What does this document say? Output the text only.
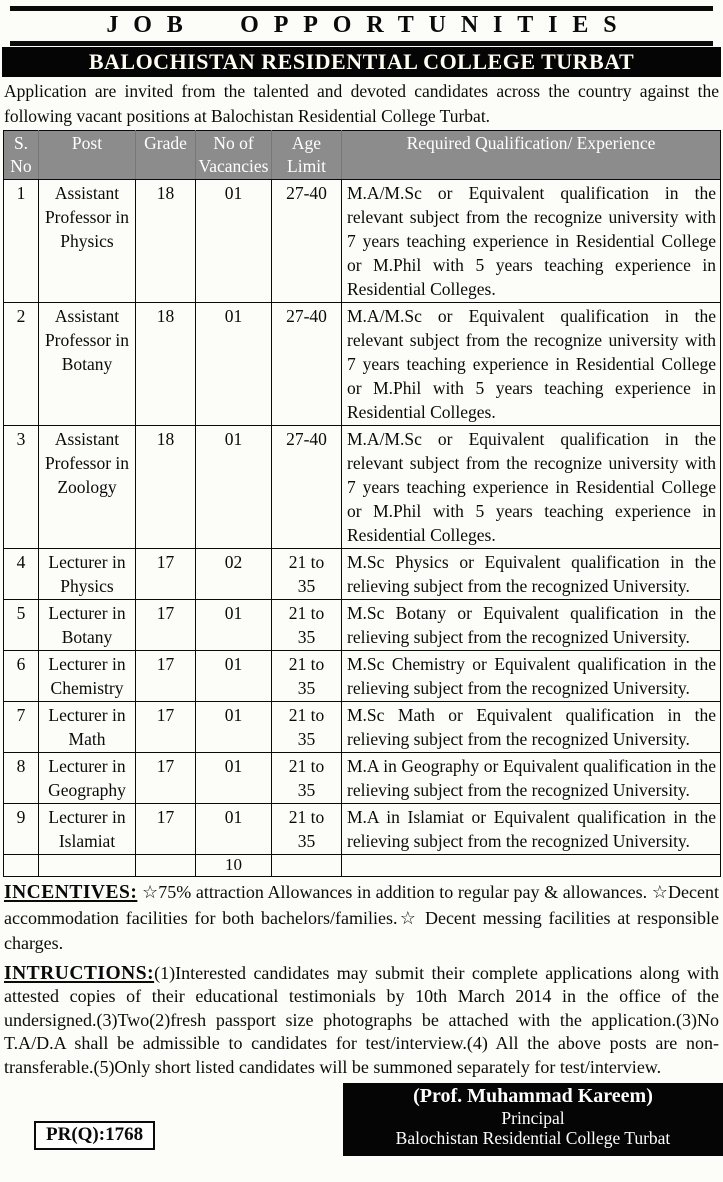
JOB OPPORTUNITIES
BALOCHISTAN RESIDENTIAL COLLEGE TURBAT

Application are invited from the talented and devoted candidates across the country against the following vacant positions at Balochistan Residential College Turbat.

S. No	Post	Grade	No of Vacancies	Age Limit	Required Qualification/ Experience
1	Assistant Professor in Physics	18	01	27-40	M.A/M.Sc or Equivalent qualification in the relevant subject from the recognize university with 7 years teaching experience in Residential College or M.Phil with 5 years teaching experience in Residential Colleges.
2	Assistant Professor in Botany	18	01	27-40	M.A/M.Sc or Equivalent qualification in the relevant subject from the recognize university with 7 years teaching experience in Residential College or M.Phil with 5 years teaching experience in Residential Colleges.
3	Assistant Professor in Zoology	18	01	27-40	M.A/M.Sc or Equivalent qualification in the relevant subject from the recognize university with 7 years teaching experience in Residential College or M.Phil with 5 years teaching experience in Residential Colleges.
4	Lecturer in Physics	17	02	21 to 35	M.Sc Physics or Equivalent qualification in the relieving subject from the recognized University.
5	Lecturer in Botany	17	01	21 to 35	M.Sc Botany or Equivalent qualification in the relieving subject from the recognized University.
6	Lecturer in Chemistry	17	01	21 to 35	M.Sc Chemistry or Equivalent qualification in the relieving subject from the recognized University.
7	Lecturer in Math	17	01	21 to 35	M.Sc Math or Equivalent qualification in the relieving subject from the recognized University.
8	Lecturer in Geography	17	01	21 to 35	M.A in Geography or Equivalent qualification in the relieving subject from the recognized University.
9	Lecturer in Islamiat	17	01	21 to 35	M.A in Islamiat or Equivalent qualification in the relieving subject from the recognized University.
			10		

INCENTIVES: ☆75% attraction Allowances in addition to regular pay & allowances. ☆Decent accommodation facilities for both bachelors/families.☆ Decent messing facilities at responsible charges.

INTRUCTIONS:(1)Interested candidates may submit their complete applications along with attested copies of their educational testimonials by 10th March 2014 in the office of the undersigned.(3)Two(2)fresh passport size photographs be attached with the application.(3)No T.A/D.A shall be admissible to candidates for test/interview.(4) All the above posts are non-transferable.(5)Only short listed candidates will be summoned separately for test/interview.

PR(Q):1768
(Prof. Muhammad Kareem)
Principal
Balochistan Residential College Turbat
